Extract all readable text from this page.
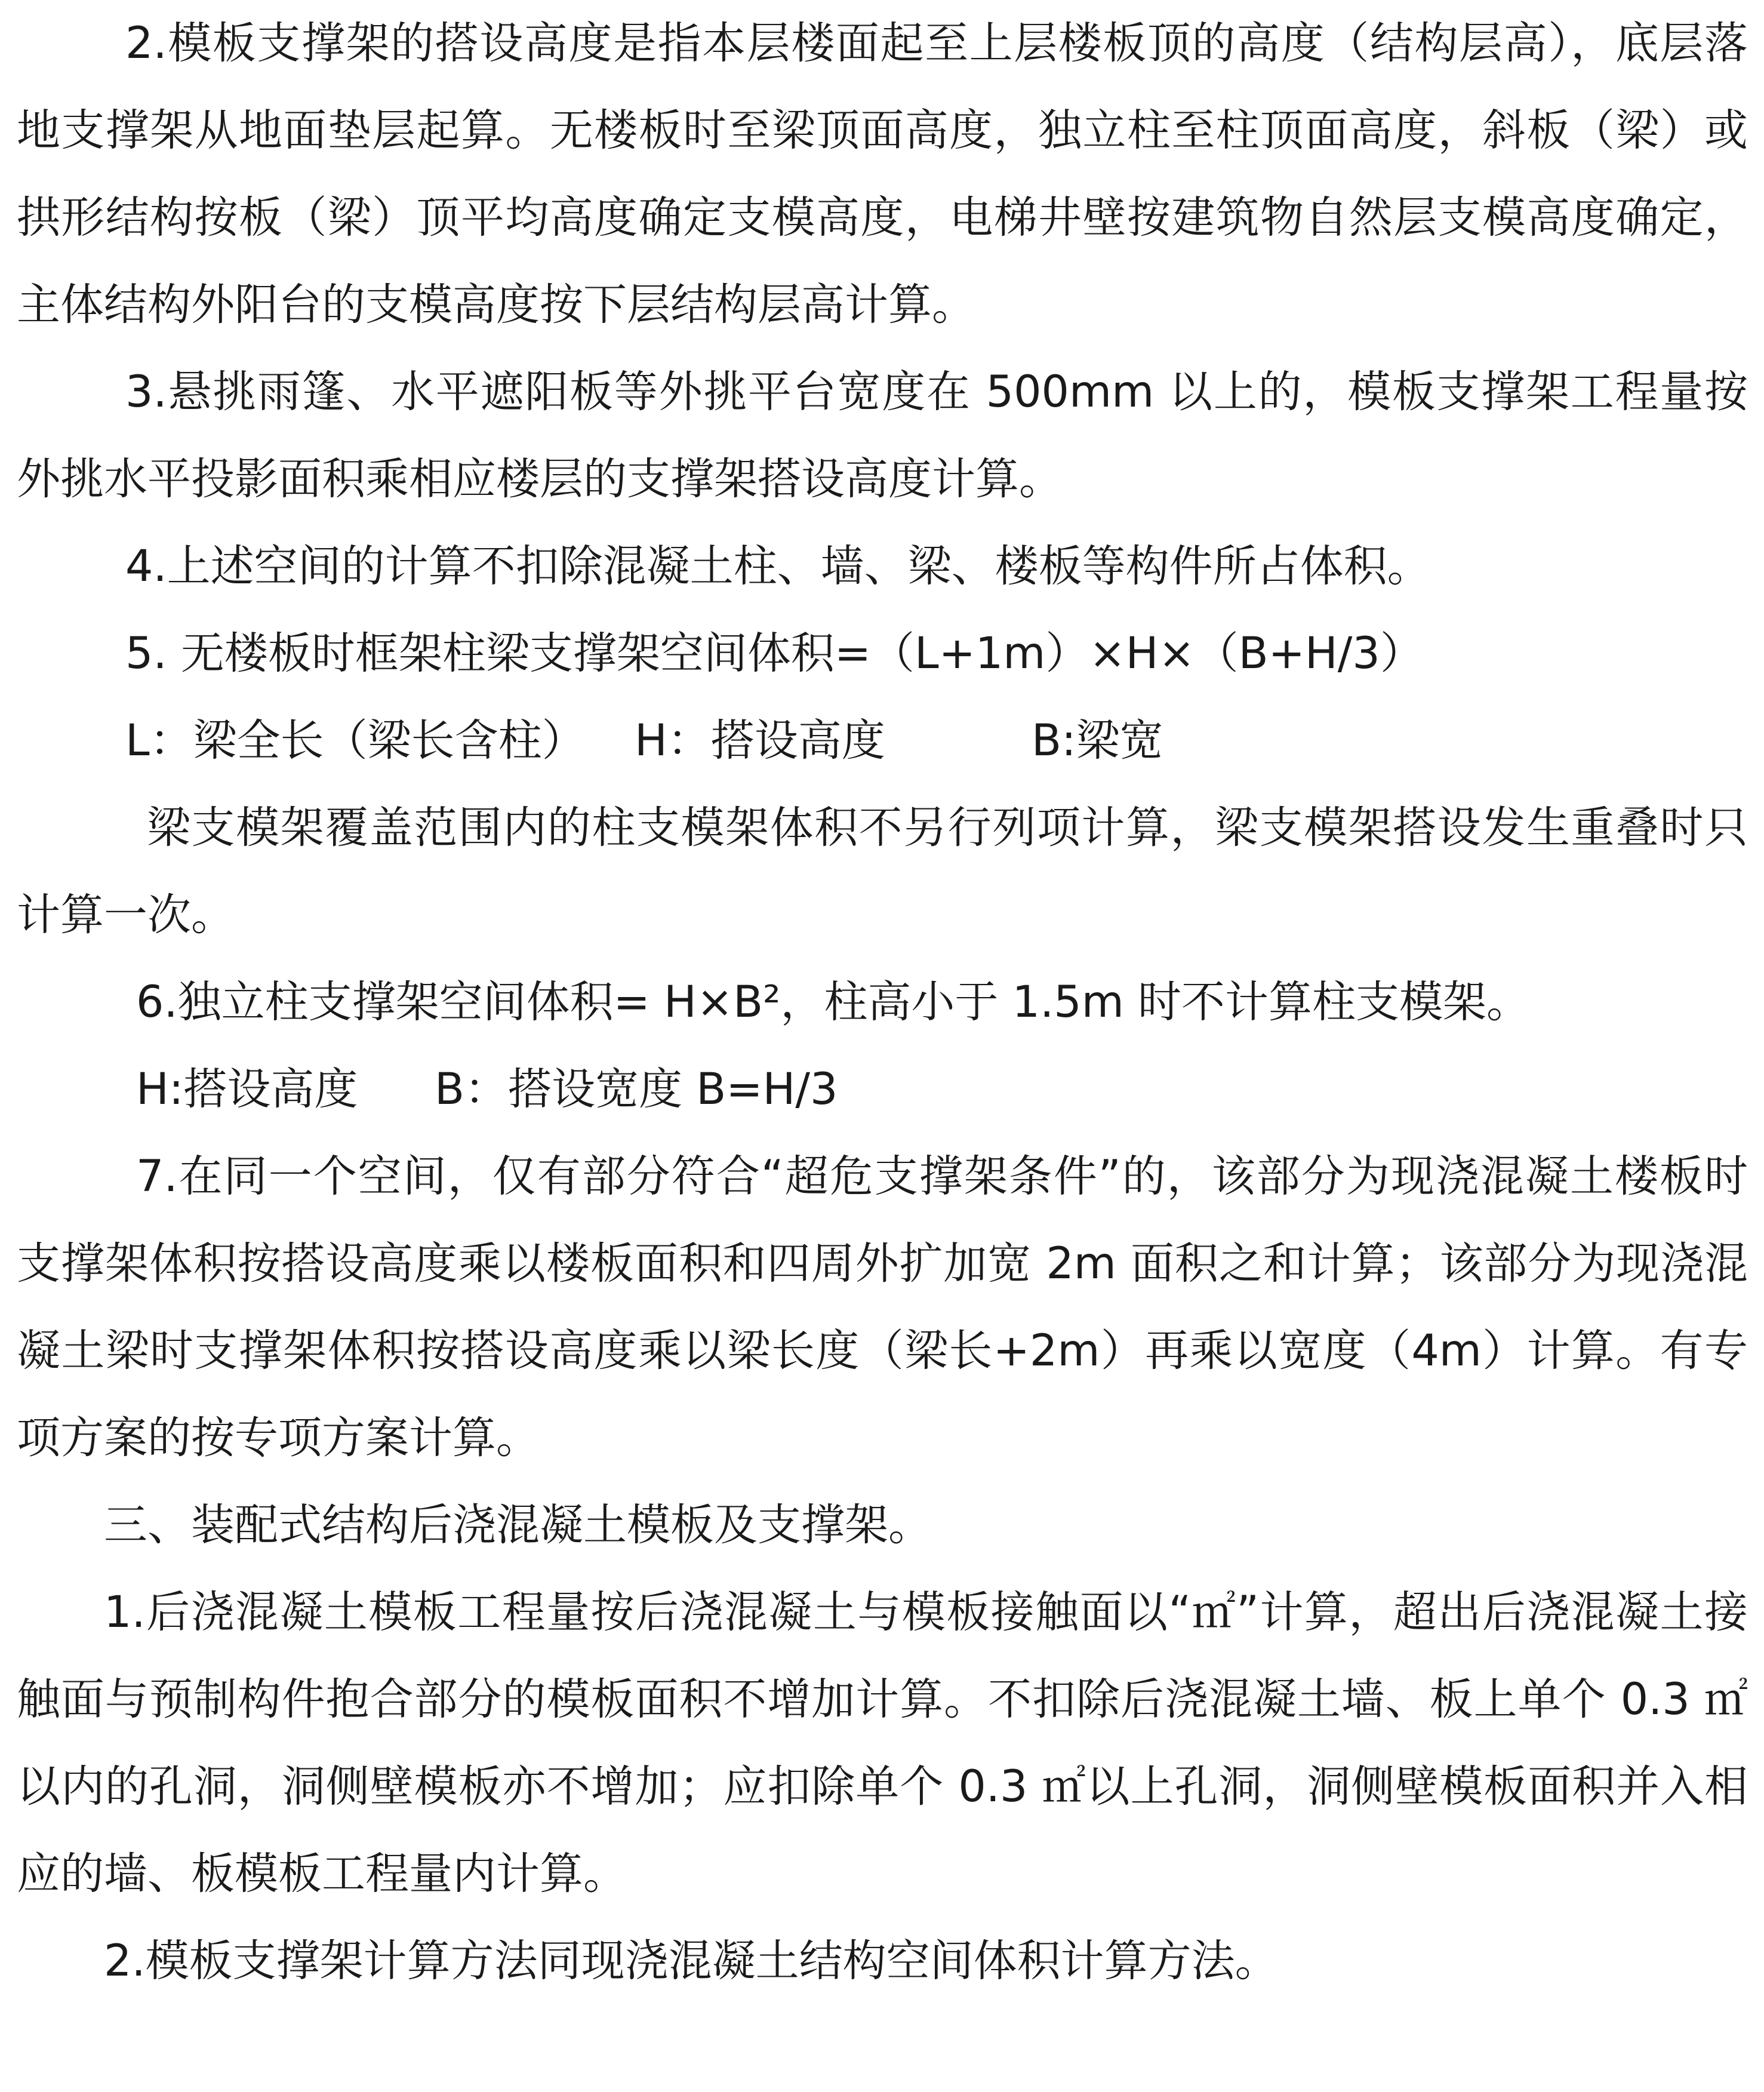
2.模板支撑架的搭设高度是指本层楼面起至上层楼板顶的高度（结构层高），底层落地支撑架从地面垫层起算。无楼板时至梁顶面高度，独立柱至柱顶面高度，斜板（梁）或拱形结构按板（梁）顶平均高度确定支模高度，电梯井壁按建筑物自然层支模高度确定，主体结构外阳台的支模高度按下层结构层高计算。

3.悬挑雨篷、水平遮阳板等外挑平台宽度在 500mm 以上的，模板支撑架工程量按外挑水平投影面积乘相应楼层的支撑架搭设高度计算。

4.上述空间的计算不扣除混凝土柱、墙、梁、楼板等构件所占体积。

5. 无楼板时框架柱梁支撑架空间体积=（L+1m）×H×（B+H/3）

L：梁全长（梁长含柱） H：搭设高度	B:梁宽

梁支模架覆盖范围内的柱支模架体积不另行列项计算，梁支模架搭设发生重叠时只计算一次。

6.独立柱支撑架空间体积= H×B²，柱高小于 1.5m 时不计算柱支模架。

H:搭设高度 B：搭设宽度 B=H/3

7.在同一个空间，仅有部分符合“超危支撑架条件”的，该部分为现浇混凝土楼板时支撑架体积按搭设高度乘以楼板面积和四周外扩加宽 2m 面积之和计算；该部分为现浇混凝土梁时支撑架体积按搭设高度乘以梁长度（梁长+2m）再乘以宽度（4m）计算。有专项方案的按专项方案计算。

三、装配式结构后浇混凝土模板及支撑架。

1.后浇混凝土模板工程量按后浇混凝土与模板接触面以“㎡”计算，超出后浇混凝土接触面与预制构件抱合部分的模板面积不增加计算。不扣除后浇混凝土墙、板上单个 0.3 ㎡以内的孔洞，洞侧壁模板亦不增加；应扣除单个 0.3 ㎡以上孔洞，洞侧壁模板面积并入相应的墙、板模板工程量内计算。

2.模板支撑架计算方法同现浇混凝土结构空间体积计算方法。
